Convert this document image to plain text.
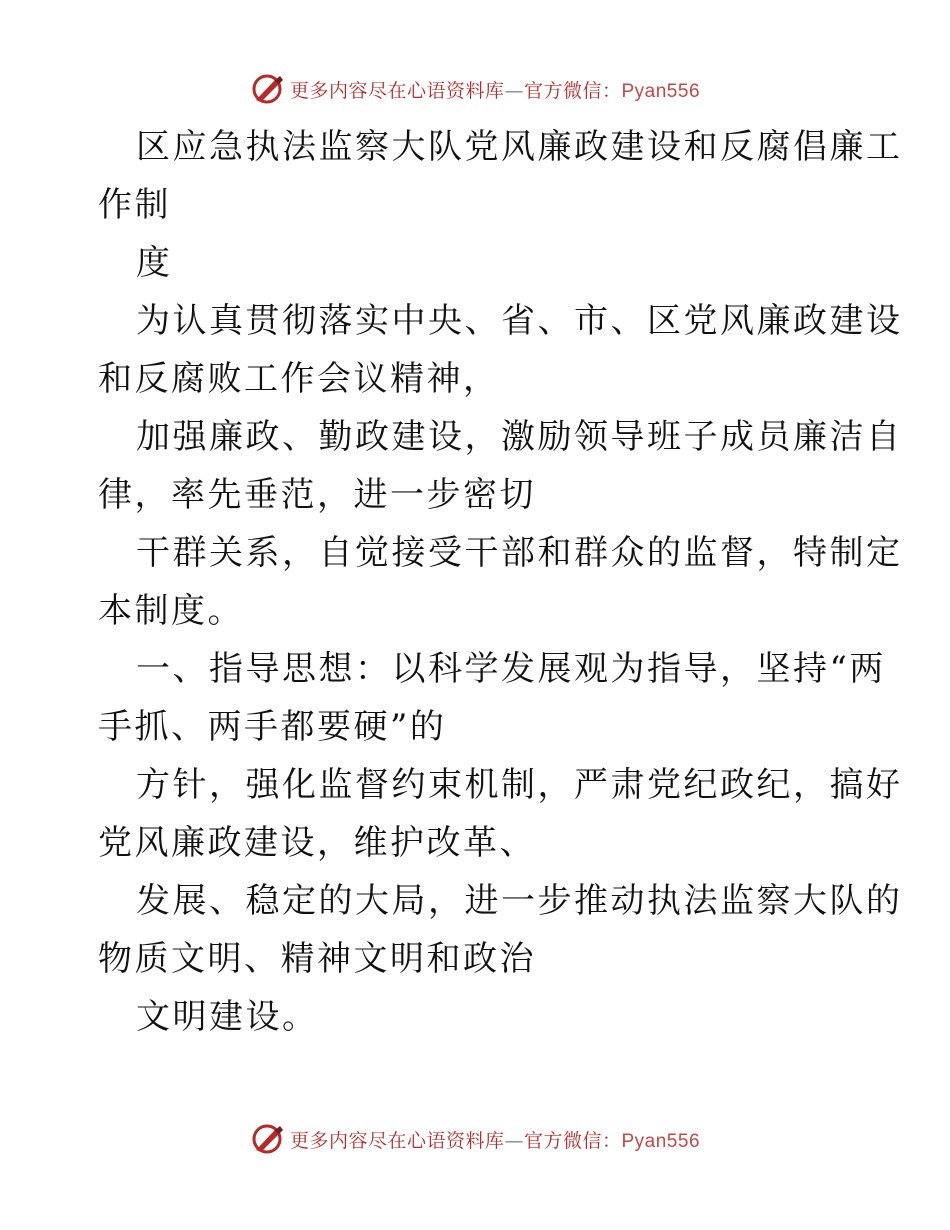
更多内容尽在心语资料库—官方微信：Pyan556
区应急执法监察大队党风廉政建设和反腐倡廉工
作制
度
为认真贯彻落实中央、省、市、区党风廉政建设
和反腐败工作会议精神，
加强廉政、勤政建设，激励领导班子成员廉洁自
律，率先垂范，进一步密切
干群关系，自觉接受干部和群众的监督，特制定
本制度。
一、指导思想：以科学发展观为指导，坚持“两
手抓、两手都要硬”的
方针，强化监督约束机制，严肃党纪政纪，搞好
党风廉政建设，维护改革、
发展、稳定的大局，进一步推动执法监察大队的
物质文明、精神文明和政治
文明建设。
更多内容尽在心语资料库—官方微信：Pyan556
